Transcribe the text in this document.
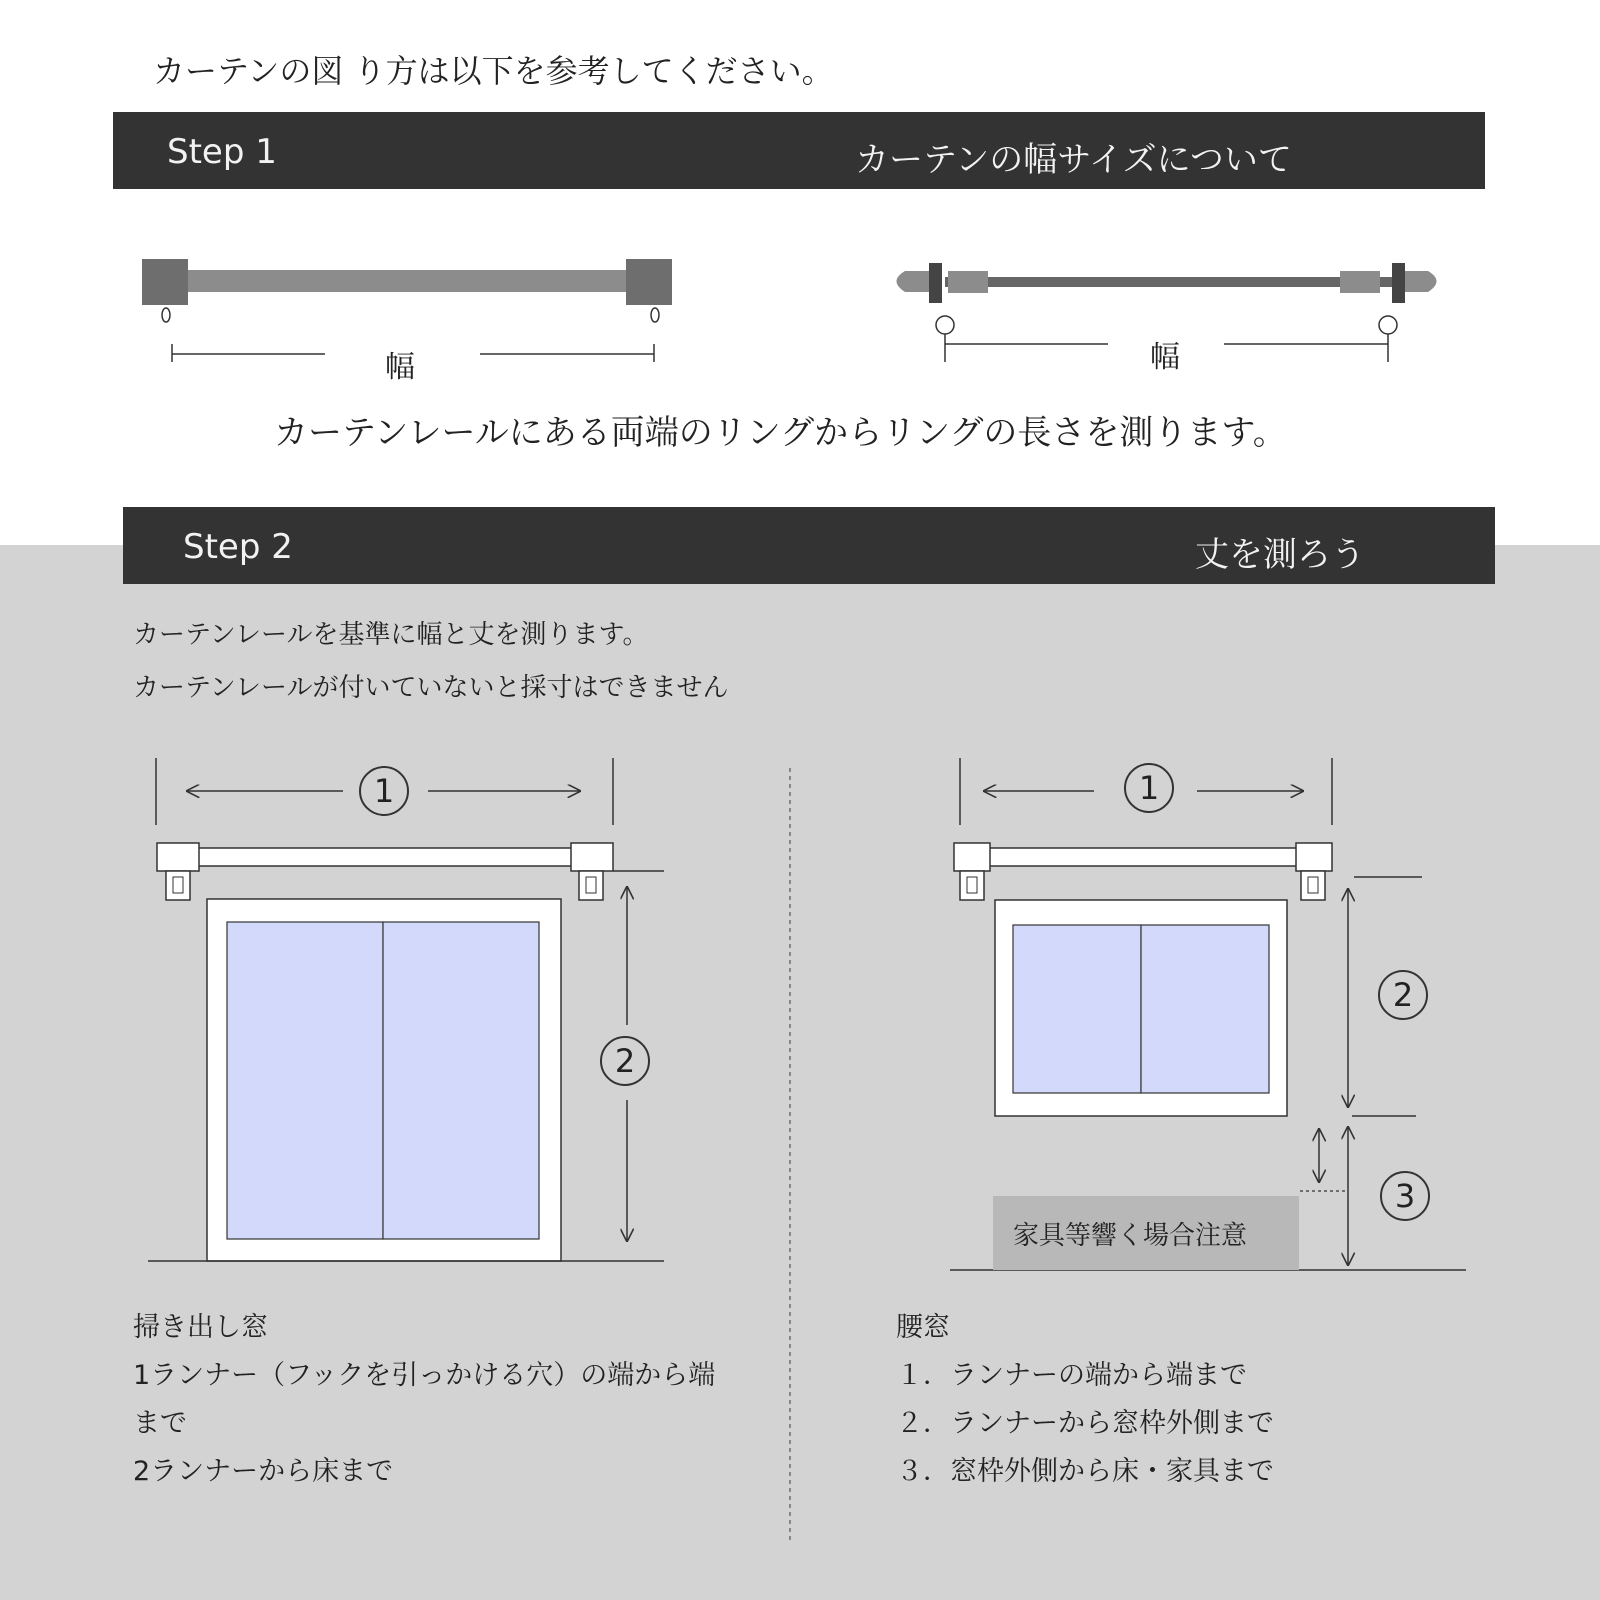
カーテンの図 り方は以下を参考してください。
Step 1	カーテンの幅サイズについて
Step 2	丈を測ろう
幅	幅
カーテンレールにある両端のリングからリングの長さを測ります。
カーテンレールを基準に幅と丈を測ります。
カーテンレールが付いていないと採寸はできません
1
2
1
2
3
家具等響く場合注意
掃き出し窓
1ランナー（フックを引っかける穴）の端から端
まで
2ランナーから床まで
腰窓
１．ランナーの端から端まで
２．ランナーから窓枠外側まで
３．窓枠外側から床・家具まで
